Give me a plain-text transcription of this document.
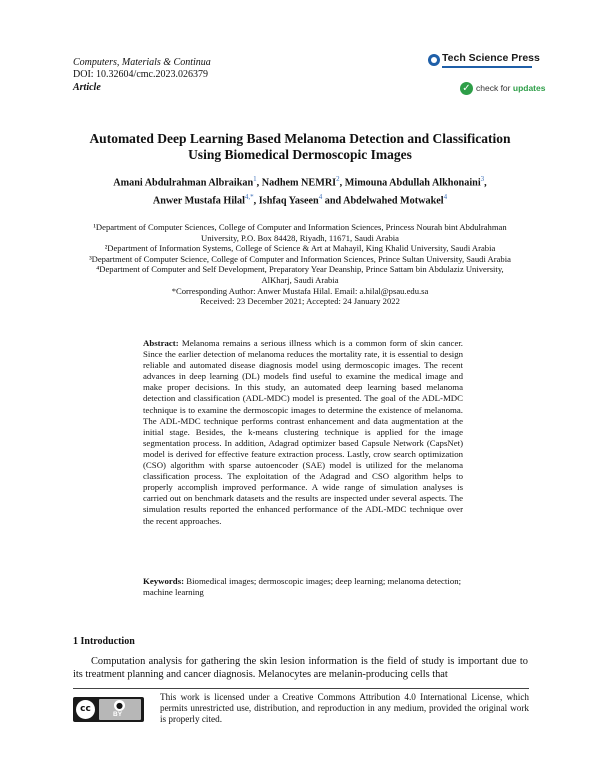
Computers, Materials & Continua
DOI: 10.32604/cmc.2023.026379
Article
Tech Science Press
✓ check for updates
Automated Deep Learning Based Melanoma Detection and Classification
Using Biomedical Dermoscopic Images
Amani Abdulrahman Albraikan$^1$, Nadhem NEMRI$^2$, Mimouna Abdullah Alkhonaini$^3$,
Anwer Mustafa Hilal$^{4,*}$, Ishfaq Yaseen$^4$ and Abdelwahed Motwakel$^4$

¹Department of Computer Sciences, College of Computer and Information Sciences, Princess Nourah bint Abdulrahman

University, P.O. Box 84428, Riyadh, 11671, Saudi Arabia

²Department of Information Systems, College of Science & Art at Mahayil, King Khalid University, Saudi Arabia

³Department of Computer Science, College of Computer and Information Sciences, Prince Sultan University, Saudi Arabia

⁴Department of Computer and Self Development, Preparatory Year Deanship, Prince Sattam bin Abdulaziz University,

AlKharj, Saudi Arabia

*Corresponding Author: Anwer Mustafa Hilal. Email: a.hilal@psau.edu.sa

Received: 23 December 2021; Accepted: 24 January 2022

Abstract: Melanoma remains a serious illness which is a common form of skin cancer. Since the earlier detection of melanoma reduces the mortality rate, it is essential to design reliable and automated disease diagnosis model using dermoscopic images. The recent advances in deep learning (DL) models find useful to examine the medical image and make proper decisions. In this study, an automated deep learning based melanoma detection and classification (ADL-MDC) model is presented. The goal of the ADL-MDC technique is to examine the dermoscopic images to determine the existence of melanoma. The ADL-MDC technique performs contrast enhancement and data augmentation at the initial stage. Besides, the k-means clustering technique is applied for the image segmentation process. In addition, Adagrad optimizer based Capsule Network (CapsNet) model is derived for effective feature extraction process. Lastly, crow search optimization (CSO) algorithm with sparse autoencoder (SAE) model is utilized for the melanoma classification process. The exploitation of the Adagrad and CSO algorithm helps to properly accomplish improved performance. A wide range of simulation analyses is carried out on benchmark datasets and the results are inspected under several aspects. The simulation results reported the enhanced performance of the ADL-MDC technique over the recent approaches.
Keywords: Biomedical images; dermoscopic images; deep learning; melanoma detection; machine learning
1 Introduction
Computation analysis for gathering the skin lesion information is the field of study is important due to its treatment planning and cancer diagnosis. Melanocytes are melanin-producing cells that
cc	●
BY
This work is licensed under a Creative Commons Attribution 4.0 International License, which permits unrestricted use, distribution, and reproduction in any medium, provided the original work is properly cited.
